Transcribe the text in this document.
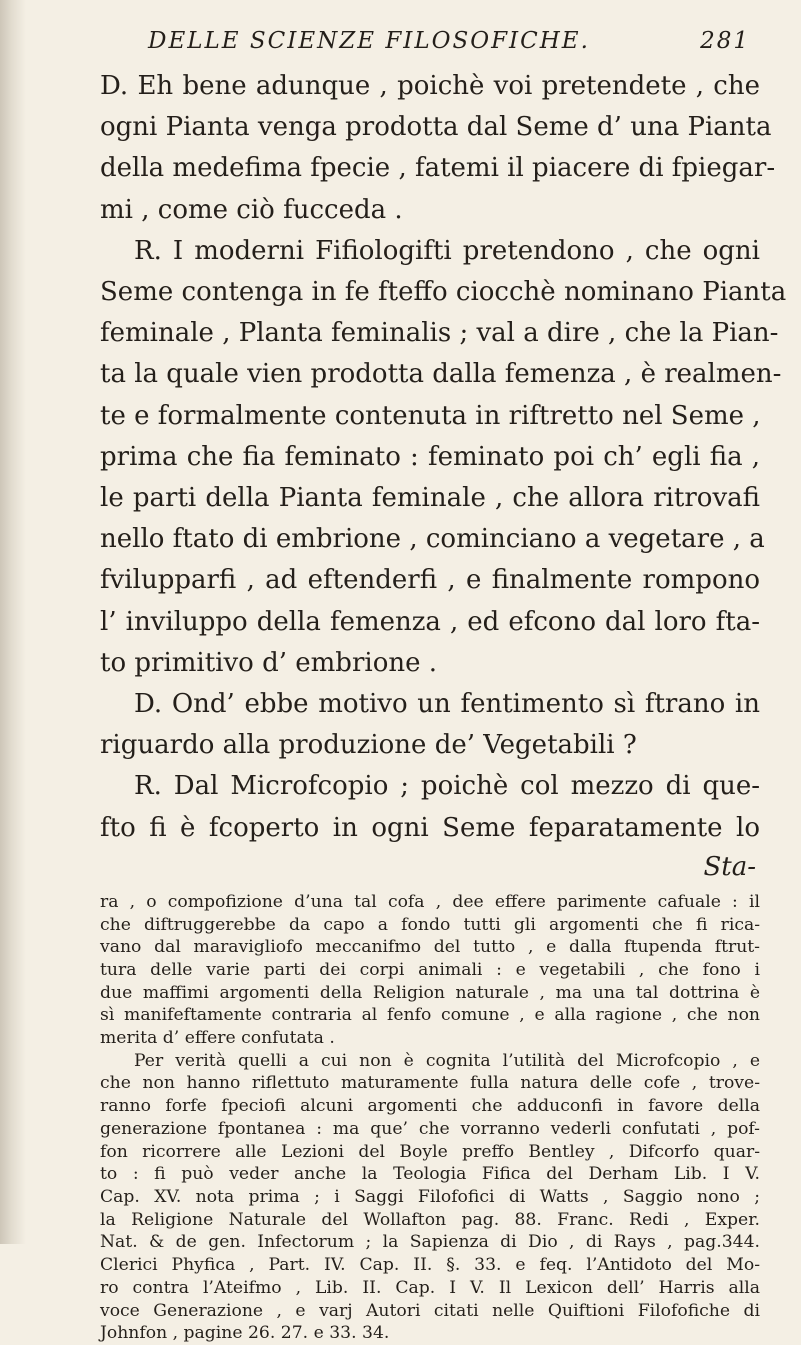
DELLE SCIENZE FILOSOFICHE.	281
D. Eh bene adunque , poichè voi pretendete , che
ogni Pianta venga prodotta dal Seme d’ una Pianta
della medefima fpecie , fatemi il piacere di fpiegar-
mi , come ciò fucceda .
R. I moderni Fifiologifti pretendono , che ogni
Seme contenga in fe fteffo ciocchè nominano Pianta
feminale , Planta feminalis ; val a dire , che la Pian-
ta la quale vien prodotta dalla femenza , è realmen-
te e formalmente contenuta in riftretto nel Seme ,
prima che fia feminato : feminato poi ch’ egli fia ,
le parti della Pianta feminale , che allora ritrovafi
nello ftato di embrione , cominciano a vegetare , a
fvilupparfi , ad eftenderfi , e finalmente rompono
l’ inviluppo della femenza , ed efcono dal loro fta-
to primitivo d’ embrione .
D. Ond’ ebbe motivo un fentimento sì ftrano in
riguardo alla produzione de’ Vegetabili ?
R. Dal Microfcopio ; poichè col mezzo di que-
fto fi è fcoperto in ogni Seme feparatamente lo
Sta-
ra , o compofizione d’una tal cofa , dee effere parimente cafuale : il
che diftruggerebbe da capo a fondo tutti gli argomenti che fi rica-
vano dal maravigliofo meccanifmo del tutto , e dalla ftupenda ftrut-
tura delle varie parti dei corpi animali : e vegetabili , che fono i
due maffimi argomenti della Religion naturale , ma una tal dottrina è
sì manifeftamente contraria al fenfo comune , e alla ragione , che non
merita d’ effere confutata .
Per verità quelli a cui non è cognita l’utilità del Microfcopio , e
che non hanno riflettuto maturamente fulla natura delle cofe , trove-
ranno forfe fpeciofi alcuni argomenti che adduconfi in favore della
generazione fpontanea : ma que’ che vorranno vederli confutati , pof-
fon ricorrere alle Lezioni del Boyle preffo Bentley , Difcorfo quar-
to : fi può veder anche la Teologia Fifica del Derham Lib. I V.
Cap. XV. nota prima ; i Saggi Filofofici di Watts , Saggio nono ;
la Religione Naturale del Wollafton pag. 88. Franc. Redi , Exper.
Nat. & de gen. Infectorum ; la Sapienza di Dio , di Rays , pag.344.
Clerici Phyfica , Part. IV. Cap. II. §. 33. e feq. l’Antidoto del Mo-
ro contra l’Ateifmo , Lib. II. Cap. I V. Il Lexicon dell’ Harris alla
voce Generazione , e varj Autori citati nelle Quiftioni Filofofiche di
Johnfon , pagine 26. 27. e 33. 34.
